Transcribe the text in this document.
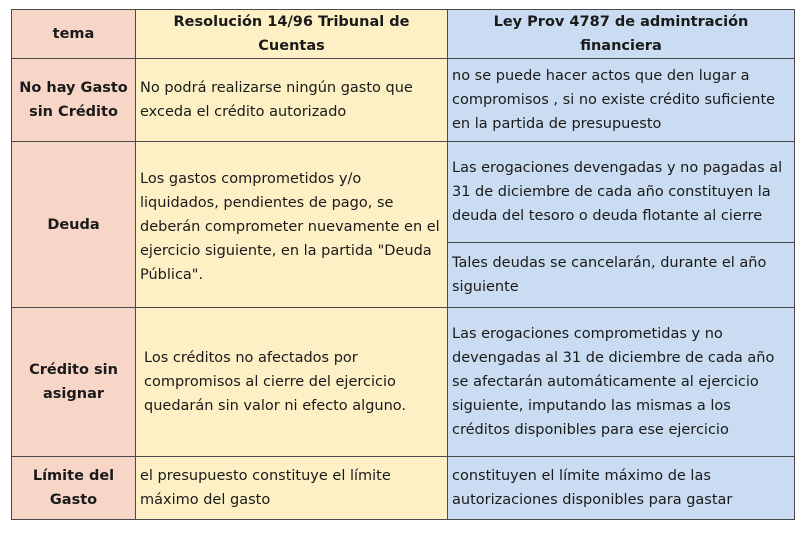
tema	Resolución 14/96 Tribunal de Cuentas	Ley Prov 4787 de admintración financiera
No hay Gasto sin Crédito	No podrá realizarse ningún gasto que exceda el crédito autorizado	no se puede hacer actos que den lugar a compromisos , si no existe crédito suficiente en la partida de presupuesto
Deuda	Los gastos comprometidos y/o liquidados, pendientes de pago, se deberán comprometer nuevamente en el ejercicio siguiente, en la partida "Deuda Pública".	Las erogaciones devengadas y no pagadas al 31 de diciembre de cada año constituyen la deuda del tesoro o deuda flotante al cierre
		Tales deudas se cancelarán, durante el año siguiente
Crédito sin asignar	Los créditos no afectados por compromisos al cierre del ejercicio quedarán sin valor ni efecto alguno.	Las erogaciones comprometidas y no devengadas al 31 de diciembre de cada año se afectarán automáticamente al ejercicio siguiente, imputando las mismas a los créditos disponibles para ese ejercicio
Límite del Gasto	el presupuesto constituye el límite máximo del gasto	constituyen el límite máximo de las autorizaciones disponibles para gastar
